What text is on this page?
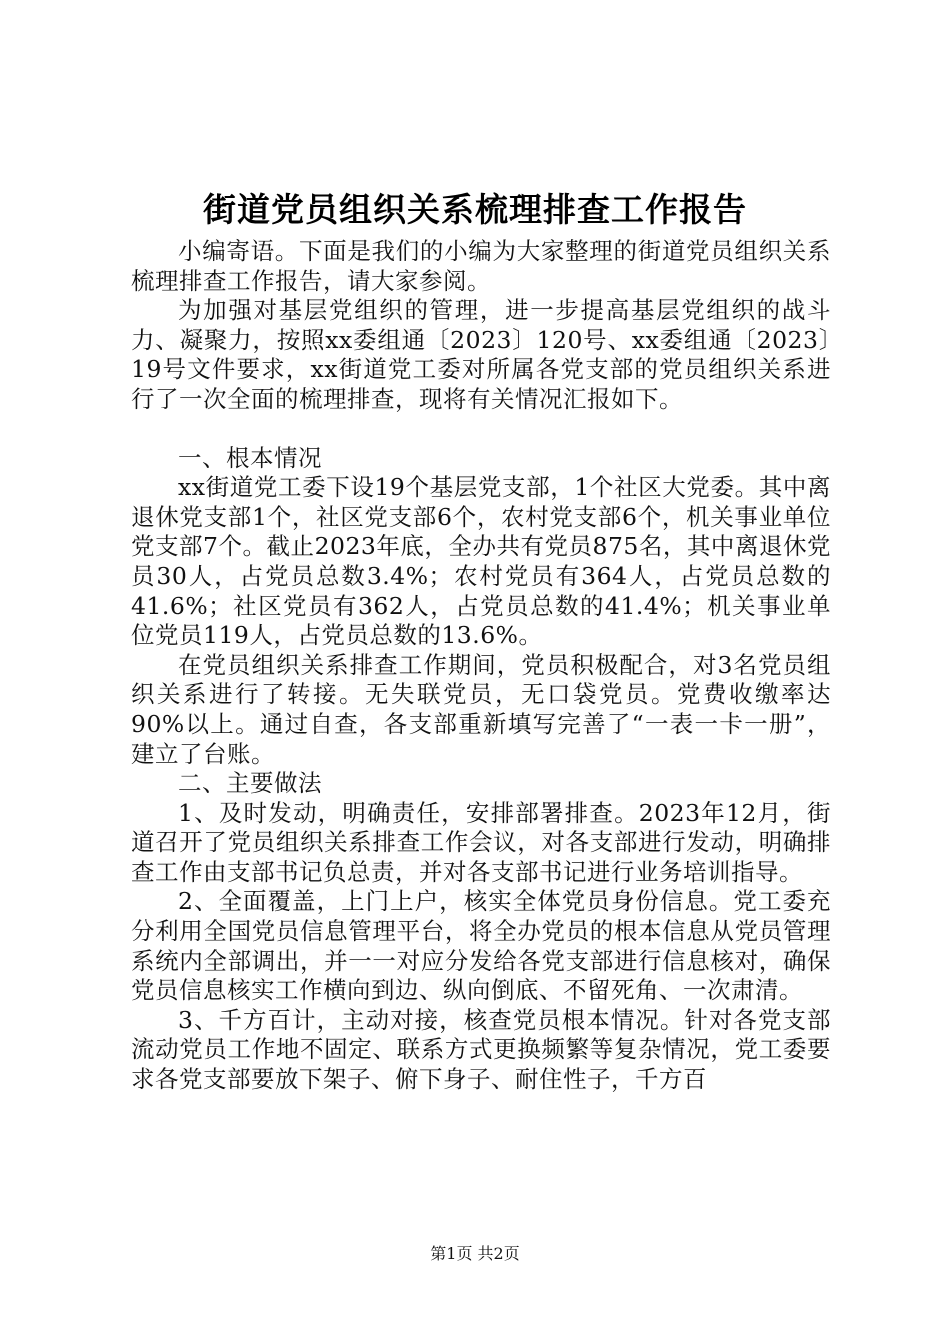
街道党员组织关系梳理排查工作报告

小编寄语。下面是我们的小编为大家整理的街道党员组织关系梳理排查工作报告，请大家参阅。

为加强对基层党组织的管理，进一步提高基层党组织的战斗力、凝聚力，按照xx委组通〔2023〕120号、xx委组通〔2023〕19号文件要求，xx街道党工委对所属各党支部的党员组织关系进行了一次全面的梳理排查，现将有关情况汇报如下。

一、根本情况

xx街道党工委下设19个基层党支部，1个社区大党委。其中离退休党支部1个，社区党支部6个，农村党支部6个，机关事业单位党支部7个。截止2023年底，全办共有党员875名，其中离退休党员30人，占党员总数3.4%；农村党员有364人，占党员总数的41.6%；社区党员有362人，占党员总数的41.4%；机关事业单位党员119人，占党员总数的13.6%。

在党员组织关系排查工作期间，党员积极配合，对3名党员组织关系进行了转接。无失联党员，无口袋党员。党费收缴率达90%以上。通过自查，各支部重新填写完善了“一表一卡一册”，建立了台账。

二、主要做法

1、及时发动，明确责任，安排部署排查。2023年12月，街道召开了党员组织关系排查工作会议，对各支部进行发动，明确排查工作由支部书记负总责，并对各支部书记进行业务培训指导。

2、全面覆盖，上门上户，核实全体党员身份信息。党工委充分利用全国党员信息管理平台，将全办党员的根本信息从党员管理系统内全部调出，并一一对应分发给各党支部进行信息核对，确保党员信息核实工作横向到边、纵向倒底、不留死角、一次肃清。

3、千方百计，主动对接，核查党员根本情况。针对各党支部流动党员工作地不固定、联系方式更换频繁等复杂情况，党工委要求各党支部要放下架子、俯下身子、耐住性子，千方百

第1页 共2页
